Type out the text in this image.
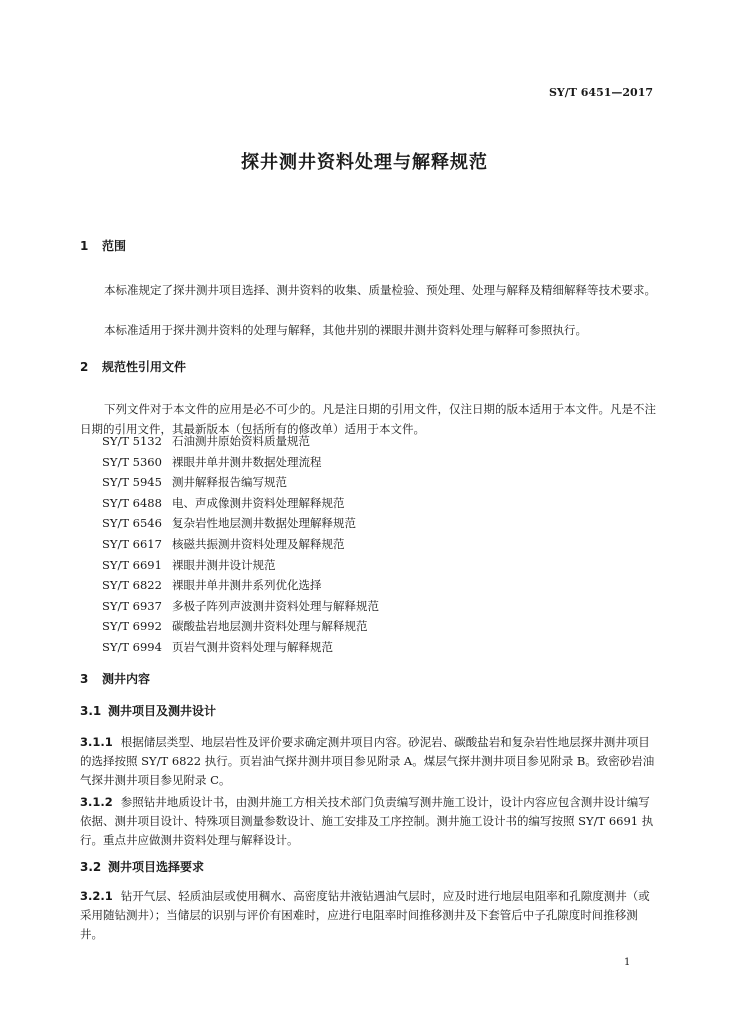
SY/T 6451—2017
探井测井资料处理与解释规范
1 范围
本标准规定了探井测井项目选择、测井资料的收集、质量检验、预处理、处理与解释及精细解释等技术要求。
本标准适用于探井测井资料的处理与解释，其他井别的裸眼井测井资料处理与解释可参照执行。
2 规范性引用文件
下列文件对于本文件的应用是必不可少的。凡是注日期的引用文件，仅注日期的版本适用于本文件。凡是不注日期的引用文件，其最新版本（包括所有的修改单）适用于本文件。
SY/T 5132 石油测井原始资料质量规范
SY/T 5360 裸眼井单井测井数据处理流程
SY/T 5945 测井解释报告编写规范
SY/T 6488 电、声成像测井资料处理解释规范
SY/T 6546 复杂岩性地层测井数据处理解释规范
SY/T 6617 核磁共振测井资料处理及解释规范
SY/T 6691 裸眼井测井设计规范
SY/T 6822 裸眼井单井测井系列优化选择
SY/T 6937 多极子阵列声波测井资料处理与解释规范
SY/T 6992 碳酸盐岩地层测井资料处理与解释规范
SY/T 6994 页岩气测井资料处理与解释规范
3 测井内容
3.1 测井项目及测井设计
3.1.1 根据储层类型、地层岩性及评价要求确定测井项目内容。砂泥岩、碳酸盐岩和复杂岩性地层探井测井项目的选择按照 SY/T 6822 执行。页岩油气探井测井项目参见附录 A。煤层气探井测井项目参见附录 B。致密砂岩油气探井测井项目参见附录 C。
3.1.2 参照钻井地质设计书，由测井施工方相关技术部门负责编写测井施工设计，设计内容应包含测井设计编写依据、测井项目设计、特殊项目测量参数设计、施工安排及工序控制。测井施工设计书的编写按照 SY/T 6691 执行。重点井应做测井资料处理与解释设计。
3.2 测井项目选择要求
3.2.1 钻开气层、轻质油层或使用稠水、高密度钻井液钻遇油气层时，应及时进行地层电阻率和孔隙度测井（或采用随钻测井）；当储层的识别与评价有困难时，应进行电阻率时间推移测井及下套管后中子孔隙度时间推移测井。
1
